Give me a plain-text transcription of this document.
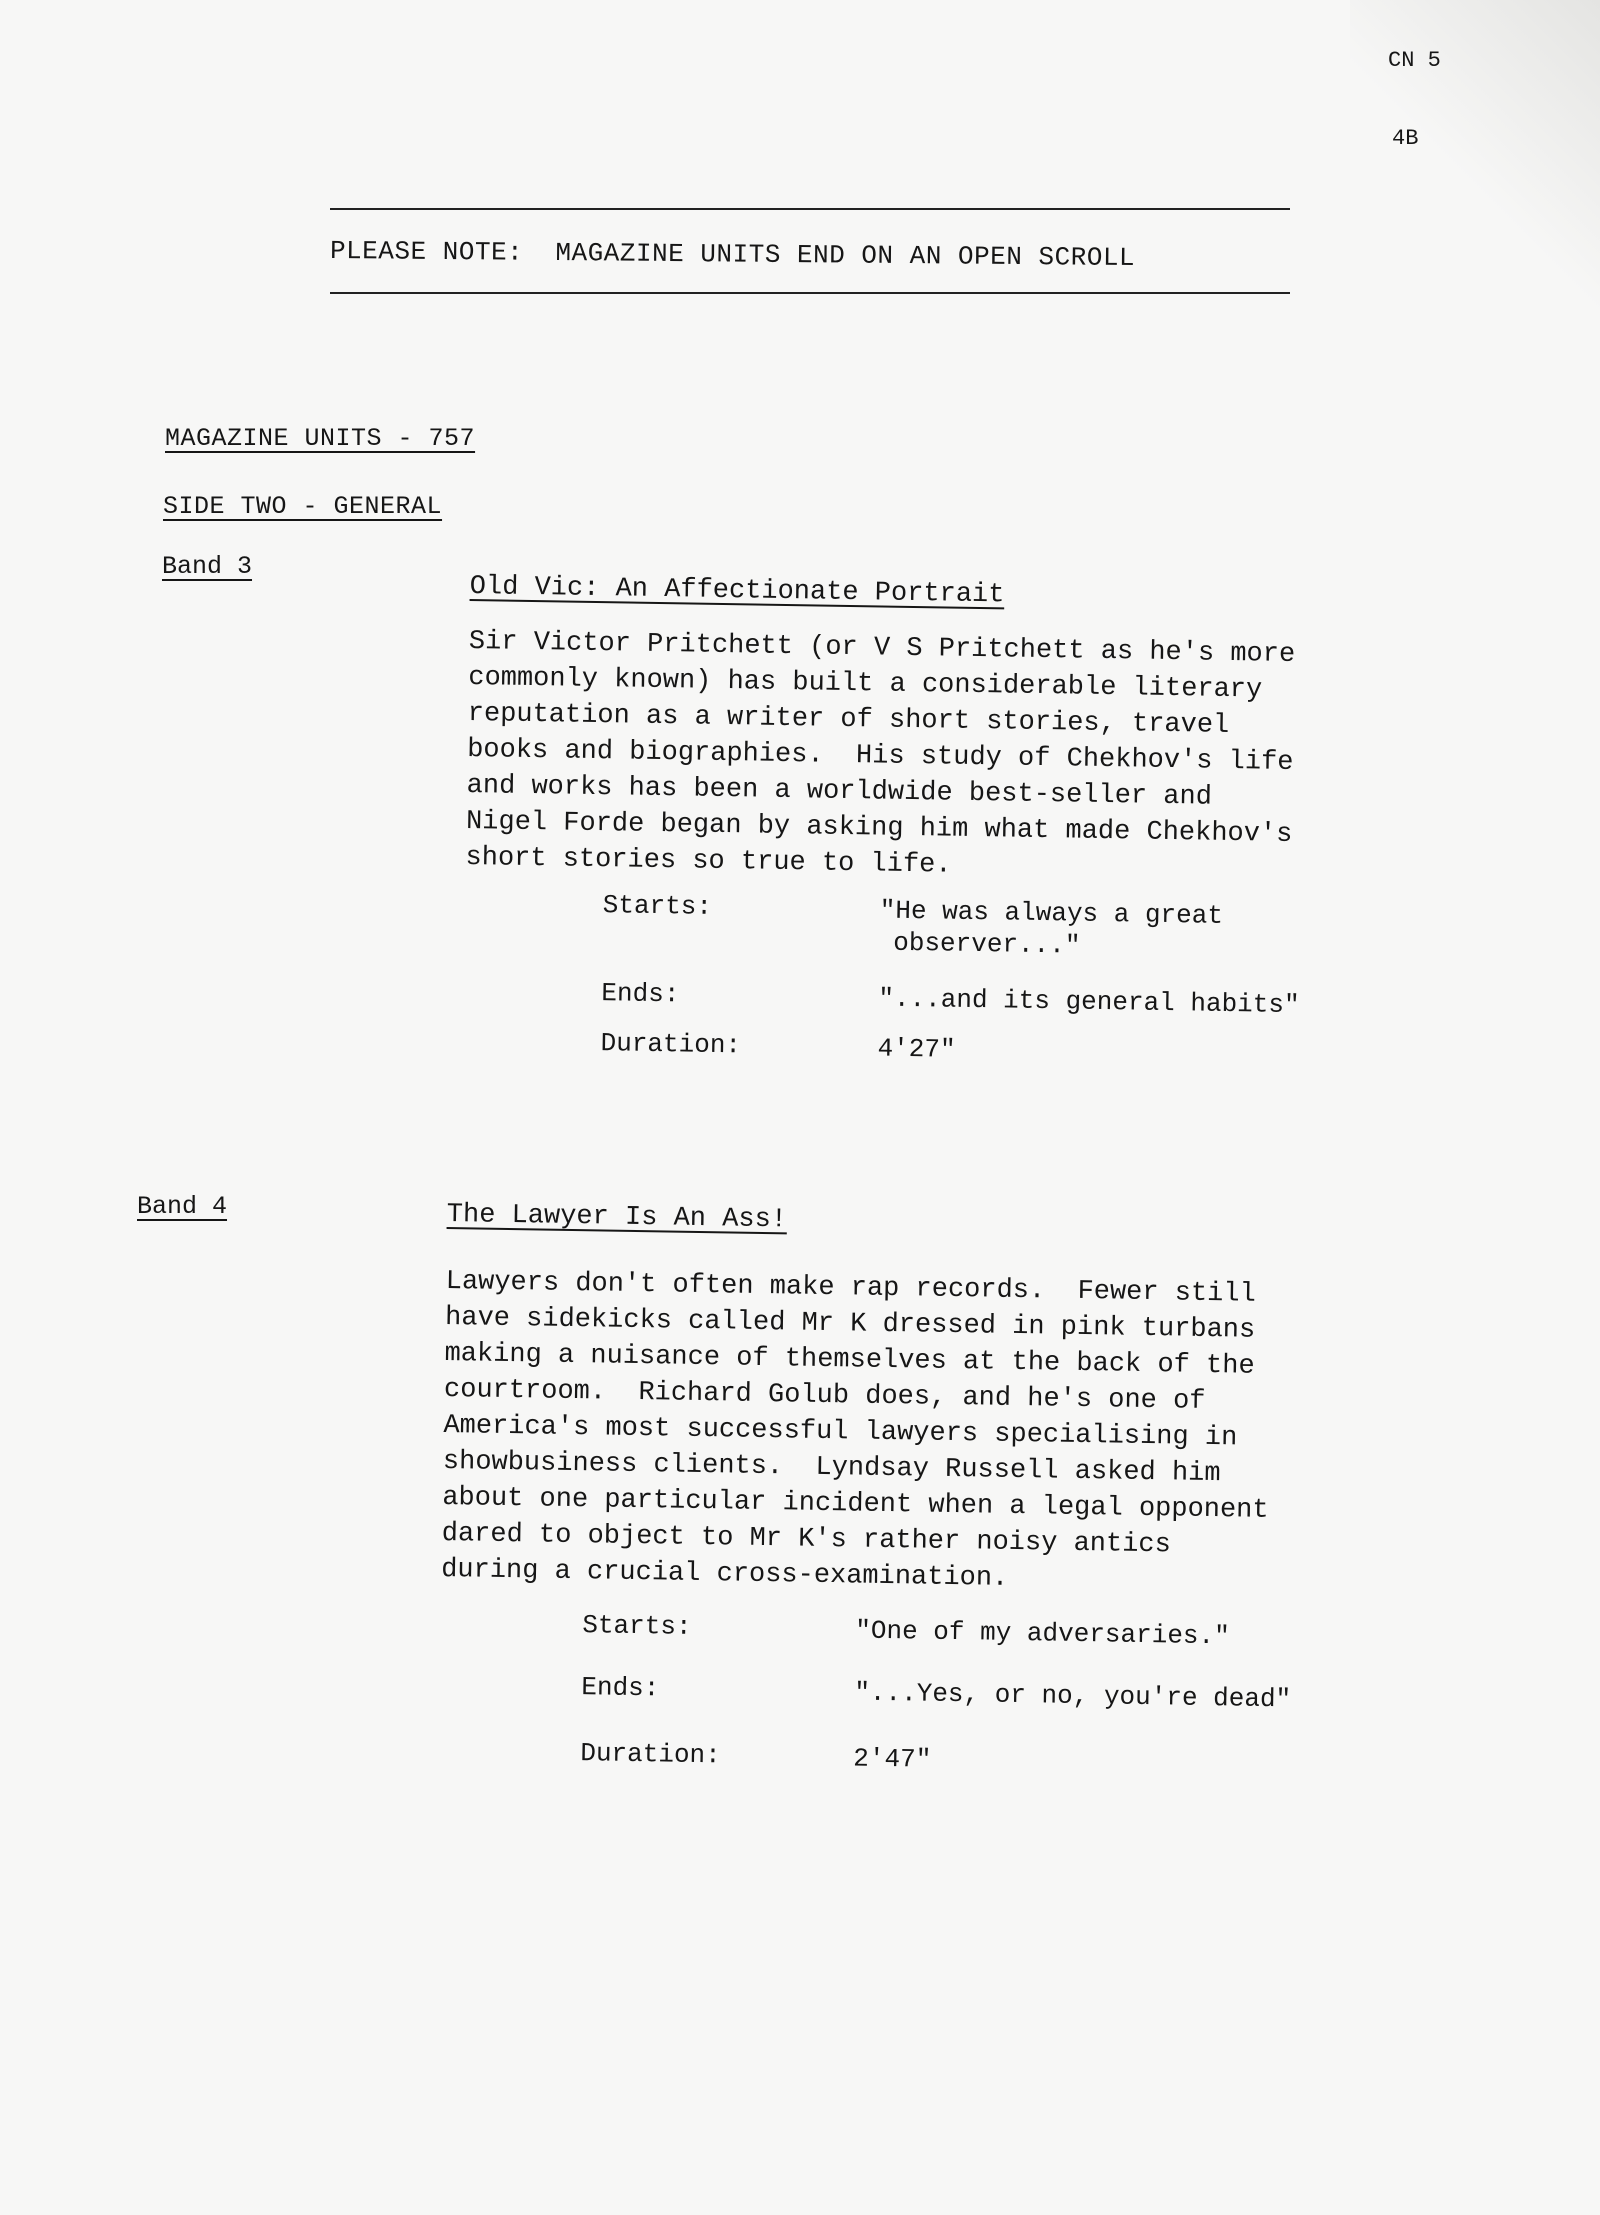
CN 5
4B
PLEASE NOTE:  MAGAZINE UNITS END ON AN OPEN SCROLL
MAGAZINE UNITS - 757
SIDE TWO - GENERAL
Band 3
Old Vic: An Affectionate Portrait
Sir Victor Pritchett (or V S Pritchett as he's more
commonly known) has built a considerable literary
reputation as a writer of short stories, travel
books and biographies.  His study of Chekhov's life
and works has been a worldwide best-seller and
Nigel Forde began by asking him what made Chekhov's
short stories so true to life.
Starts:	"He was always a great
observer..."
Ends:	"...and its general habits"
Duration:	4'27"
Band 4	The Lawyer Is An Ass!
Lawyers don't often make rap records.  Fewer still
have sidekicks called Mr K dressed in pink turbans
making a nuisance of themselves at the back of the
courtroom.  Richard Golub does, and he's one of
America's most successful lawyers specialising in
showbusiness clients.  Lyndsay Russell asked him
about one particular incident when a legal opponent
dared to object to Mr K's rather noisy antics
during a crucial cross-examination.
Starts:	"One of my adversaries."
Ends:	"...Yes, or no, you're dead"
Duration:	2'47"
